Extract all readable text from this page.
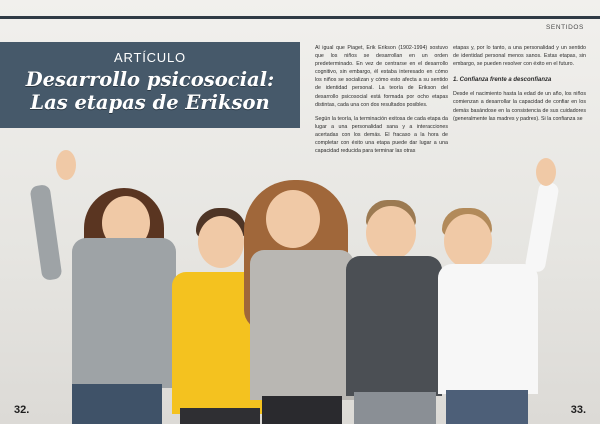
SENTIDOS
ARTÍCULO
Desarrollo psicosocial:
Las etapas de Erikson

Al igual que Piaget, Erik Erikson (1902-1994) sostuvo que los niños se desarrollan en un orden predeterminado. En vez de centrarse en el desarrollo cognitivo, sin embargo, él estaba interesado en cómo los niños se socializan y cómo esto afecta a su sentido de identidad personal. La teoría de Erikson del desarrollo psicosocial está formada por ocho etapas distintas, cada una con dos resultados posibles.

Según la teoría, la terminación exitosa de cada etapa da lugar a una personalidad sana y a interacciones acertadas con los demás. El fracaso a la hora de completar con éxito una etapa puede dar lugar a una capacidad reducida para terminar las otras

etapas y, por lo tanto, a una personalidad y un sentido de identidad personal menos sanos. Estas etapas, sin embargo, se pueden resolver con éxito en el futuro.

1. Confianza frente a desconfianza

Desde el nacimiento hasta la edad de un año, los niños comienzan a desarrollar la capacidad de confiar en los demás basándose en la consistencia de sus cuidadores (generalmente las madres y padres). Si la confianza se

32.	33.
